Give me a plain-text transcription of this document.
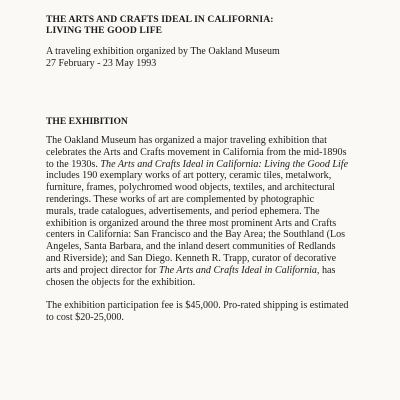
THE ARTS AND CRAFTS IDEAL IN CALIFORNIA:
LIVING THE GOOD LIFE
A traveling exhibition organized by The Oakland Museum
27 February - 23 May 1993
THE EXHIBITION
The Oakland Museum has organized a major traveling exhibition that
celebrates the Arts and Crafts movement in California from the mid-1890s
to the 1930s. The Arts and Crafts Ideal in California: Living the Good Life
includes 190 exemplary works of art pottery, ceramic tiles, metalwork,
furniture, frames, polychromed wood objects, textiles, and architectural
renderings. These works of art are complemented by photographic
murals, trade catalogues, advertisements, and period ephemera. The
exhibition is organized around the three most prominent Arts and Crafts
centers in California: San Francisco and the Bay Area; the Southland (Los
Angeles, Santa Barbara, and the inland desert communities of Redlands
and Riverside); and San Diego. Kenneth R. Trapp, curator of decorative
arts and project director for The Arts and Crafts Ideal in California, has
chosen the objects for the exhibition.
The exhibition participation fee is $45,000. Pro-rated shipping is estimated
to cost $20-25,000.
